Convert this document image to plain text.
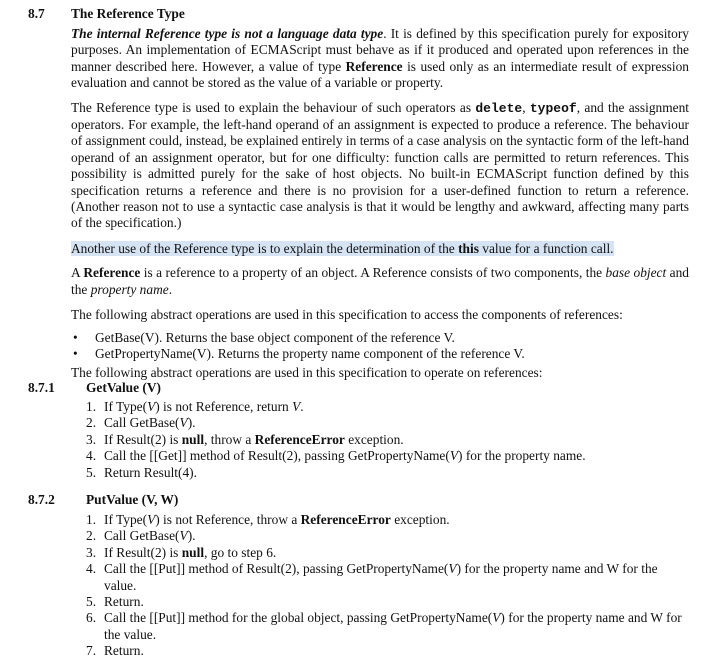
8.7 The Reference Type

The internal Reference type is not a language data type. It is defined by this specification purely for expository purposes. An implementation of ECMAScript must behave as if it produced and operated upon references in the manner described here. However, a value of type Reference is used only as an intermediate result of expression evaluation and cannot be stored as the value of a variable or property.

The Reference type is used to explain the behaviour of such operators as delete, typeof, and the assignment operators. For example, the left-hand operand of an assignment is expected to produce a reference. The behaviour of assignment could, instead, be explained entirely in terms of a case analysis on the syntactic form of the left-hand operand of an assignment operator, but for one difficulty: function calls are permitted to return references. This possibility is admitted purely for the sake of host objects. No built-in ECMAScript function defined by this specification returns a reference and there is no provision for a user-defined function to return a reference. (Another reason not to use a syntactic case analysis is that it would be lengthy and awkward, affecting many parts of the specification.)

Another use of the Reference type is to explain the determination of the this value for a function call.

A Reference is a reference to a property of an object. A Reference consists of two components, the base object and the property name.

The following abstract operations are used in this specification to access the components of references:

• GetBase(V). Returns the base object component of the reference V.
• GetPropertyName(V). Returns the property name component of the reference V.

The following abstract operations are used in this specification to operate on references:

8.7.1 GetValue (V)
1. If Type(V) is not Reference, return V.
2. Call GetBase(V).
3. If Result(2) is null, throw a ReferenceError exception.
4. Call the [[Get]] method of Result(2), passing GetPropertyName(V) for the property name.
5. Return Result(4).
8.7.2 PutValue (V, W)
1. If Type(V) is not Reference, throw a ReferenceError exception.
2. Call GetBase(V).
3. If Result(2) is null, go to step 6.
4. Call the [[Put]] method of Result(2), passing GetPropertyName(V) for the property name and W for the value.
5. Return.
6. Call the [[Put]] method for the global object, passing GetPropertyName(V) for the property name and W for the value.
7. Return.
